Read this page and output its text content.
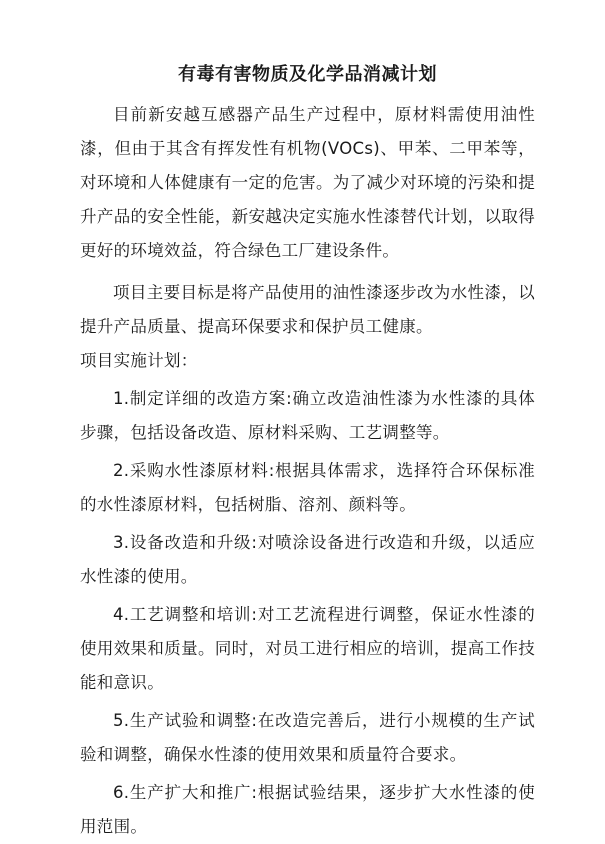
有毒有害物质及化学品消减计划

目前新安越互感器产品生产过程中，原材料需使用油性漆，但由于其含有挥发性有机物(VOCs)、甲苯、二甲苯等，对环境和人体健康有一定的危害。为了减少对环境的污染和提升产品的安全性能，新安越决定实施水性漆替代计划，以取得更好的环境效益，符合绿色工厂建设条件。

项目主要目标是将产品使用的油性漆逐步改为水性漆，以提升产品质量、提高环保要求和保护员工健康。

项目实施计划：

1.制定详细的改造方案:确立改造油性漆为水性漆的具体步骤，包括设备改造、原材料采购、工艺调整等。

2.采购水性漆原材料:根据具体需求，选择符合环保标准的水性漆原材料，包括树脂、溶剂、颜料等。

3.设备改造和升级:对喷涂设备进行改造和升级，以适应水性漆的使用。

4.工艺调整和培训:对工艺流程进行调整，保证水性漆的使用效果和质量。同时，对员工进行相应的培训，提高工作技能和意识。

5.生产试验和调整:在改造完善后，进行小规模的生产试验和调整，确保水性漆的使用效果和质量符合要求。

6.生产扩大和推广:根据试验结果，逐步扩大水性漆的使用范围。
